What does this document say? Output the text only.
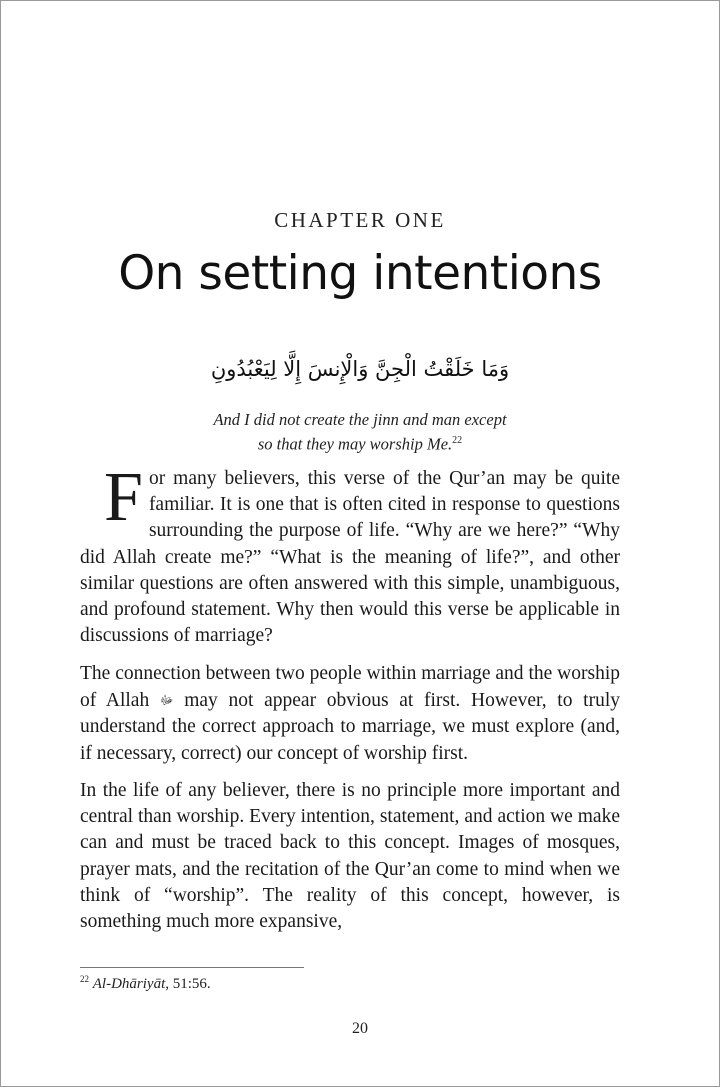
CHAPTER ONE
On setting intentions
وَمَا خَلَقْتُ الْجِنَّ وَالْإِنسَ إِلَّا لِيَعْبُدُونِ
And I did not create the jinn and man except
so that they may worship Me.$^{22}$
For many believers, this verse of the Qur’an may be quite familiar. It is one that is often cited in response to questions surrounding the purpose of life. “Why are we here?” “Why did Allah create me?” “What is the meaning of life?”, and other similar questions are often answered with this simple, unambiguous, and profound statement. Why then would this verse be applicable in discussions of marriage?
The connection between two people within marriage and the worship of Allah ﷻ may not appear obvious at first. However, to truly understand the correct approach to marriage, we must explore (and, if necessary, correct) our concept of worship first.
In the life of any believer, there is no principle more important and central than worship. Every intention, statement, and action we make can and must be traced back to this concept. Images of mosques, prayer mats, and the recitation of the Qur’an come to mind when we think of “worship”. The reality of this concept, however, is something much more expansive,
$^{22}$ Al-Dhāriyāt, 51:56.
20
